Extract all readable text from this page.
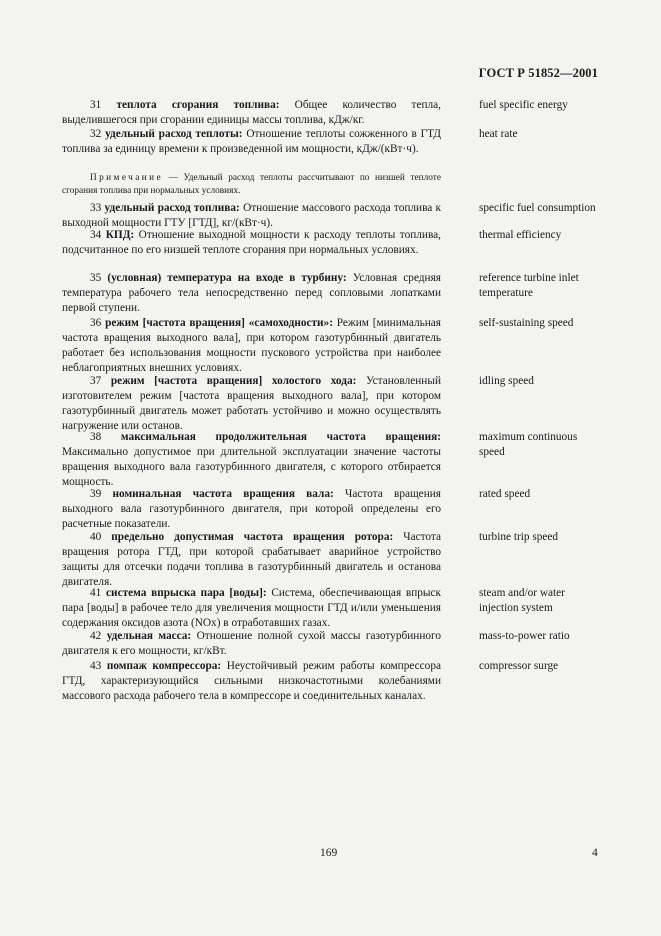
ГОСТ Р 51852—2001
31 теплота сгорания топлива: Общее количество тепла, выделившегося при сгорании единицы массы топлива, кДж/кг.
fuel specific energy
32 удельный расход теплоты: Отношение теплоты сожженного в ГТД топлива за единицу времени к произведенной им мощности, кДж/(кВт·ч).
heat rate
Примечание — Удельный расход теплоты рассчитывают по низшей теплоте сгорания топлива при нормальных условиях.
33 удельный расход топлива: Отношение массового расхода топлива к выходной мощности ГТУ [ГТД], кг/(кВт·ч).
specific fuel consumption
34 КПД: Отношение выходной мощности к расходу теплоты топлива, подсчитанное по его низшей теплоте сгорания при нормальных условиях.
thermal efficiency
35 (условная) температура на входе в турбину: Условная средняя температура рабочего тела непосредственно перед сопловыми лопатками первой ступени.
reference turbine inlet temperature
36 режим [частота вращения] «самоходности»: Режим [минимальная частота вращения выходного вала], при котором газотурбинный двигатель работает без использования мощности пускового устройства при наиболее неблагоприятных внешних условиях.
self-sustaining speed
37 режим [частота вращения] холостого хода: Установленный изготовителем режим [частота вращения выходного вала], при котором газотурбинный двигатель может работать устойчиво и можно осуществлять нагружение или останов.
idling speed
38 максимальная продолжительная частота вращения: Максимально допустимое при длительной эксплуатации значение частоты вращения выходного вала газотурбинного двигателя, с которого отбирается мощность.
maximum continuous speed
39 номинальная частота вращения вала: Частота вращения выходного вала газотурбинного двигателя, при которой определены его расчетные показатели.
rated speed
40 предельно допустимая частота вращения ротора: Частота вращения ротора ГТД, при которой срабатывает аварийное устройство защиты для отсечки подачи топлива в газотурбинный двигатель и останова двигателя.
turbine trip speed
41 система впрыска пара [воды]: Система, обеспечивающая впрыск пара [воды] в рабочее тело для увеличения мощности ГТД и/или уменьшения содержания оксидов азота (NOx) в отработавших газах.
steam and/or water injection system
42 удельная масса: Отношение полной сухой массы газотурбинного двигателя к его мощности, кг/кВт.
mass-to-power ratio
43 помпаж компрессора: Неустойчивый режим работы компрессора ГТД, характеризующийся сильными низкочастотными колебаниями массового расхода рабочего тела в компрессоре и соединительных каналах.
compressor surge
169	4
